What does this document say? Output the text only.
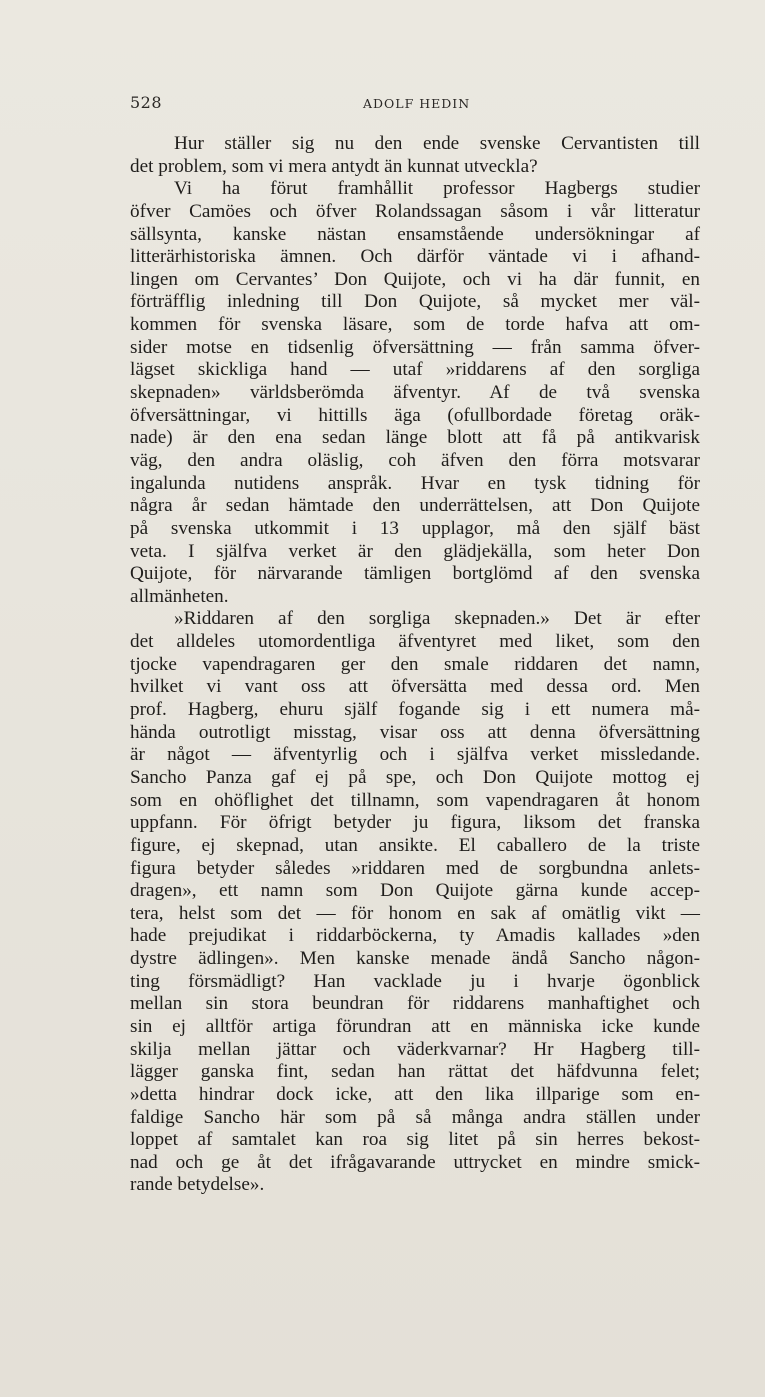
528	ADOLF HEDIN
Hur ställer sig nu den ende svenske Cervantisten till
det problem, som vi mera antydt än kunnat utveckla?
Vi ha förut framhållit professor Hagbergs studier
öfver Camöes och öfver Rolandssagan såsom i vår litteratur
sällsynta, kanske nästan ensamstående undersökningar af
litterärhistoriska ämnen. Och därför väntade vi i afhand-
lingen om Cervantes’ Don Quijote, och vi ha där funnit, en
förträfflig inledning till Don Quijote, så mycket mer väl-
kommen för svenska läsare, som de torde hafva att om-
sider motse en tidsenlig öfversättning — från samma öfver-
lägset skickliga hand — utaf »riddarens af den sorgliga
skepnaden» världsberömda äfventyr. Af de två svenska
öfversättningar, vi hittills äga (ofullbordade företag oräk-
nade) är den ena sedan länge blott att få på antikvarisk
väg, den andra oläslig, coh äfven den förra motsvarar
ingalunda nutidens anspråk. Hvar en tysk tidning för
några år sedan hämtade den underrättelsen, att Don Quijote
på svenska utkommit i 13 upplagor, må den själf bäst
veta. I själfva verket är den glädjekälla, som heter Don
Quijote, för närvarande tämligen bortglömd af den svenska
allmänheten.
»Riddaren af den sorgliga skepnaden.» Det är efter
det alldeles utomordentliga äfventyret med liket, som den
tjocke vapendragaren ger den smale riddaren det namn,
hvilket vi vant oss att öfversätta med dessa ord. Men
prof. Hagberg, ehuru själf fogande sig i ett numera må-
hända outrotligt misstag, visar oss att denna öfversättning
är något — äfventyrlig och i själfva verket missledande.
Sancho Panza gaf ej på spe, och Don Quijote mottog ej
som en ohöflighet det tillnamn, som vapendragaren åt honom
uppfann. För öfrigt betyder ju figura, liksom det franska
figure, ej skepnad, utan ansikte. El caballero de la triste
figura betyder således »riddaren med de sorgbundna anlets-
dragen», ett namn som Don Quijote gärna kunde accep-
tera, helst som det — för honom en sak af omätlig vikt —
hade prejudikat i riddarböckerna, ty Amadis kallades »den
dystre ädlingen». Men kanske menade ändå Sancho någon-
ting försmädligt? Han vacklade ju i hvarje ögonblick
mellan sin stora beundran för riddarens manhaftighet och
sin ej alltför artiga förundran att en människa icke kunde
skilja mellan jättar och väderkvarnar? Hr Hagberg till-
lägger ganska fint, sedan han rättat det häfdvunna felet;
»detta hindrar dock icke, att den lika illparige som en-
faldige Sancho här som på så många andra ställen under
loppet af samtalet kan roa sig litet på sin herres bekost-
nad och ge åt det ifrågavarande uttrycket en mindre smick-
rande betydelse».
